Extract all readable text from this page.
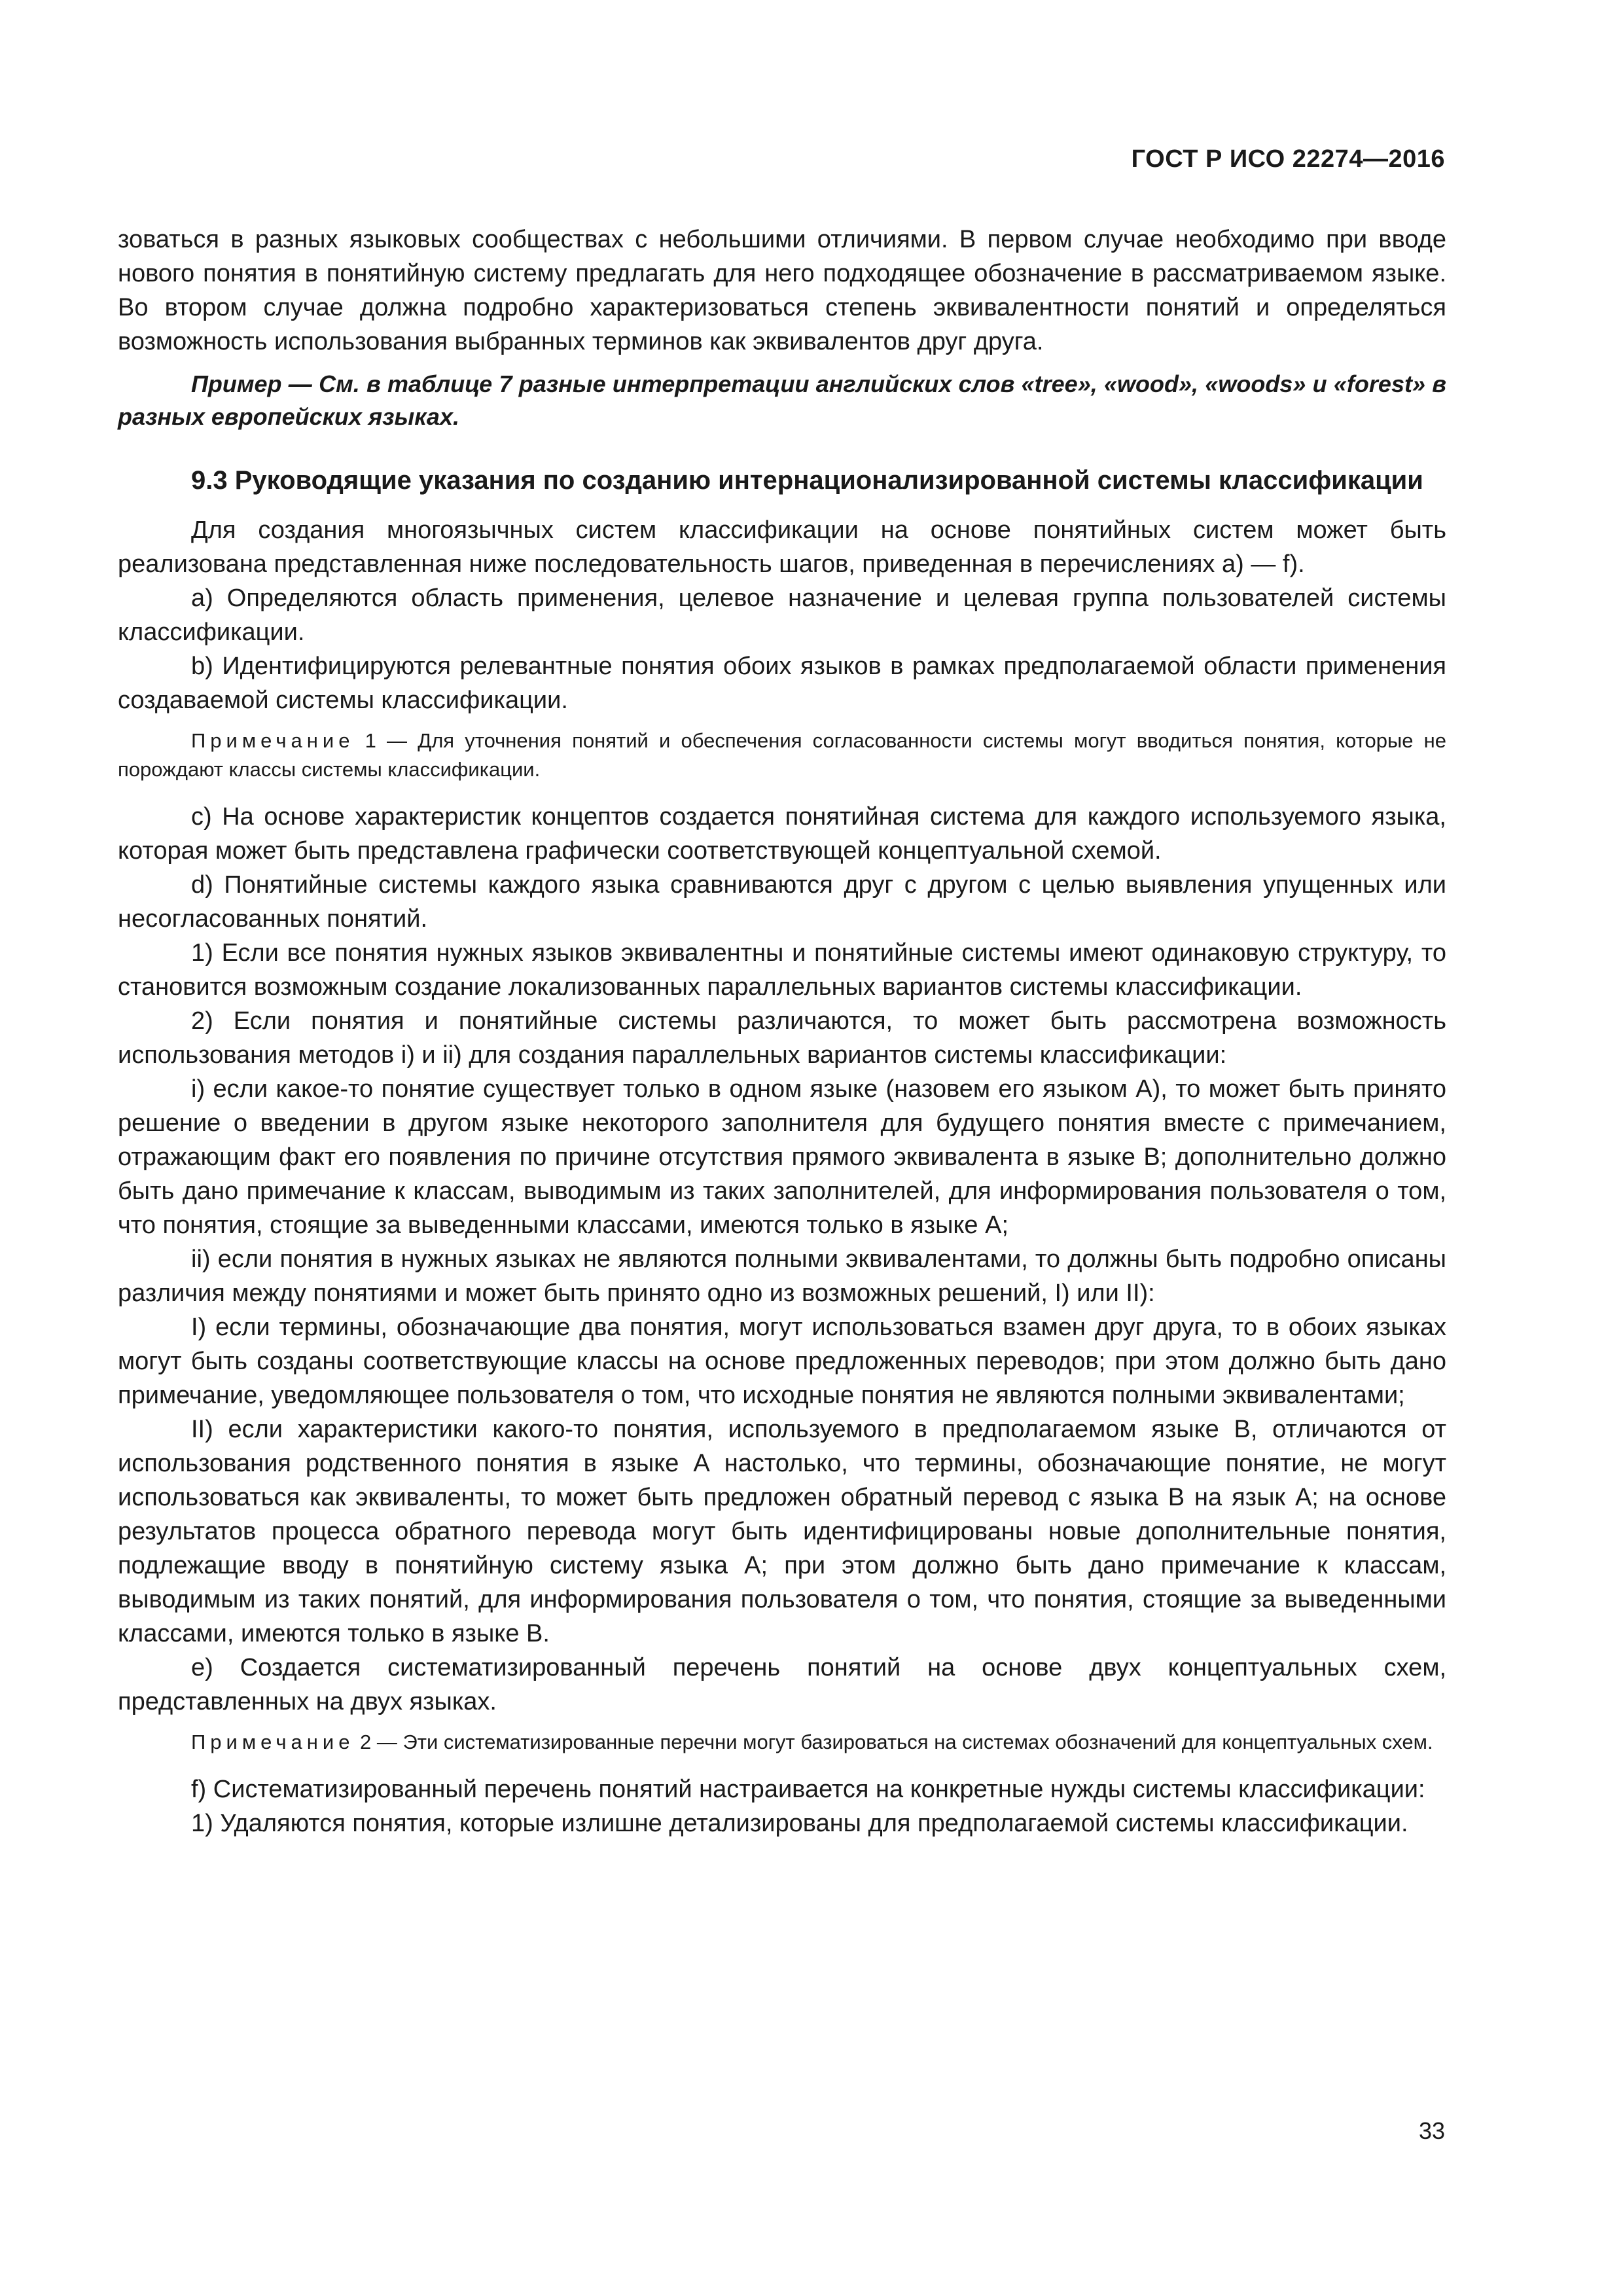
ГОСТ Р ИСО 22274—2016

зоваться в разных языковых сообществах с небольшими отличиями. В первом случае необходимо при вводе нового понятия в понятийную систему предлагать для него подходящее обозначение в рассматриваемом языке. Во втором случае должна подробно характеризоваться степень эквивалентности понятий и определяться возможность использования выбранных терминов как эквивалентов друг друга.

Пример — См. в таблице 7 разные интерпретации английских слов «tree», «wood», «woods» и «forest» в разных европейских языках.

9.3 Руководящие указания по созданию интернационализированной системы классификации

Для создания многоязычных систем классификации на основе понятийных систем может быть реализована представленная ниже последовательность шагов, приведенная в перечислениях а) — f).

а) Определяются область применения, целевое назначение и целевая группа пользователей системы классификации.

b) Идентифицируются релевантные понятия обоих языков в рамках предполагаемой области применения создаваемой системы классификации.

Примечание 1 — Для уточнения понятий и обеспечения согласованности системы могут вводиться понятия, которые не порождают классы системы классификации.

с) На основе характеристик концептов создается понятийная система для каждого используемого языка, которая может быть представлена графически соответствующей концептуальной схемой.

d) Понятийные системы каждого языка сравниваются друг с другом с целью выявления упущенных или несогласованных понятий.

1) Если все понятия нужных языков эквивалентны и понятийные системы имеют одинаковую структуру, то становится возможным создание локализованных параллельных вариантов системы классификации.

2) Если понятия и понятийные системы различаются, то может быть рассмотрена возможность использования методов i) и ii) для создания параллельных вариантов системы классификации:

i) если какое-то понятие существует только в одном языке (назовем его языком А), то может быть принято решение о введении в другом языке некоторого заполнителя для будущего понятия вместе с примечанием, отражающим факт его появления по причине отсутствия прямого эквивалента в языке В; дополнительно должно быть дано примечание к классам, выводимым из таких заполнителей, для информирования пользователя о том, что понятия, стоящие за выведенными классами, имеются только в языке А;

ii) если понятия в нужных языках не являются полными эквивалентами, то должны быть подробно описаны различия между понятиями и может быть принято одно из возможных решений, I) или II):

I) если термины, обозначающие два понятия, могут использоваться взамен друг друга, то в обоих языках могут быть созданы соответствующие классы на основе предложенных переводов; при этом должно быть дано примечание, уведомляющее пользователя о том, что исходные понятия не являются полными эквивалентами;

II) если характеристики какого-то понятия, используемого в предполагаемом языке В, отличаются от использования родственного понятия в языке А настолько, что термины, обозначающие понятие, не могут использоваться как эквиваленты, то может быть предложен обратный перевод с языка В на язык А; на основе результатов процесса обратного перевода могут быть идентифицированы новые дополнительные понятия, подлежащие вводу в понятийную систему языка А; при этом должно быть дано примечание к классам, выводимым из таких понятий, для информирования пользователя о том, что понятия, стоящие за выведенными классами, имеются только в языке В.

е) Создается систематизированный перечень понятий на основе двух концептуальных схем, представленных на двух языках.

Примечание 2 — Эти систематизированные перечни могут базироваться на системах обозначений для концептуальных схем.

f) Систематизированный перечень понятий настраивается на конкретные нужды системы классификации:

1) Удаляются понятия, которые излишне детализированы для предполагаемой системы классификации.

33
